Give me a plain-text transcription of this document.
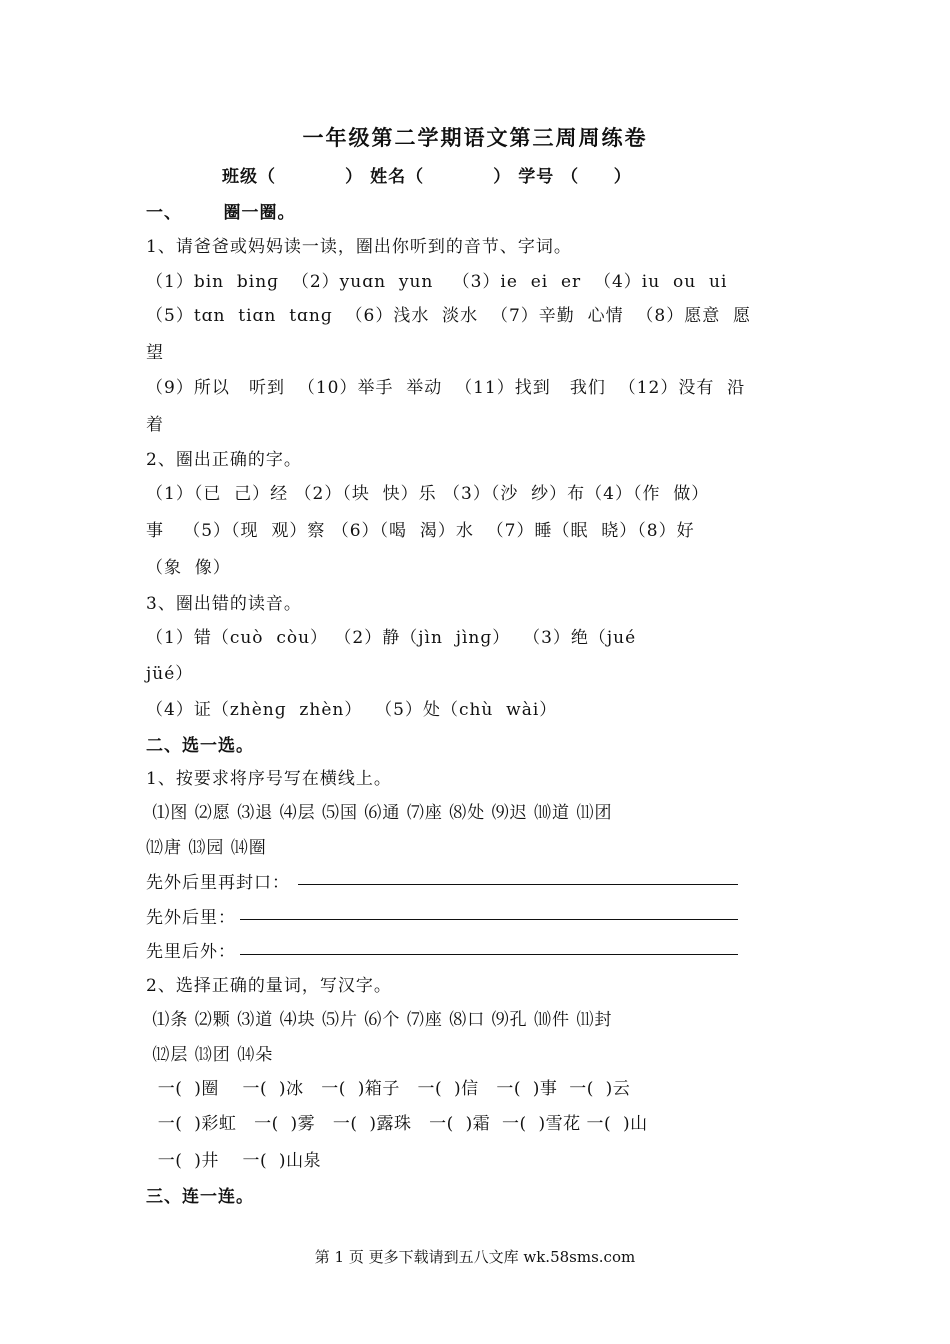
一年级第二学期语文第三周周练卷
班级（          ） 姓名（          ） 学号 （     ）
一、      圈一圈。
1、请爸爸或妈妈读一读，圈出你听到的音节、字词。
（1）bin  binɡ  （2）yuɑn  yun   （3）ie  ei  er  （4）iu  ou  ui
（5）tɑn  tiɑn  tɑnɡ  （6）浅水  淡水  （7）辛勤  心情  （8）愿意  愿
望
（9）所以   听到  （10）举手  举动  （11）找到   我们  （12）没有  沿
着
2、圈出正确的字。
（1）（已  己）经 （2）（块  快）乐 （3）（沙  纱）布（4）（作  做）
事   （5）（现  观）察 （6）（喝  渴）水  （7）睡（眠  晓）（8）好
（象  像）
3、圈出错的读音。
（1）错（cuò  còu） （2）静（jìn  jìnɡ）  （3）绝（jué
jüé）
（4）证（zhènɡ  zhèn）  （5）处（chù  wài）
二、选一选。
1、按要求将序号写在横线上。
⑴图 ⑵愿 ⑶退 ⑷层 ⑸国 ⑹通 ⑺座 ⑻处 ⑼迟 ⑽道 ⑾团
⑿唐 ⒀园 ⒁圈
先外后里再封口：
先外后里：
先里后外：
2、选择正确的量词，写汉字。
⑴条 ⑵颗 ⑶道 ⑷块 ⑸片 ⑹个 ⑺座 ⑻口 ⑼孔 ⑽件 ⑾封
⑿层 ⒀团 ⒁朵
一(  )圈    一(  )冰   一(  )箱子   一(  )信   一(  )事  一(  )云
一(  )彩虹   一(  )雾   一(  )露珠   一(  )霜  一(  )雪花 一(  )山
一(  )井    一(  )山泉
三、连一连。
第 1 页 更多下载请到五八文库 wk.58sms.com
